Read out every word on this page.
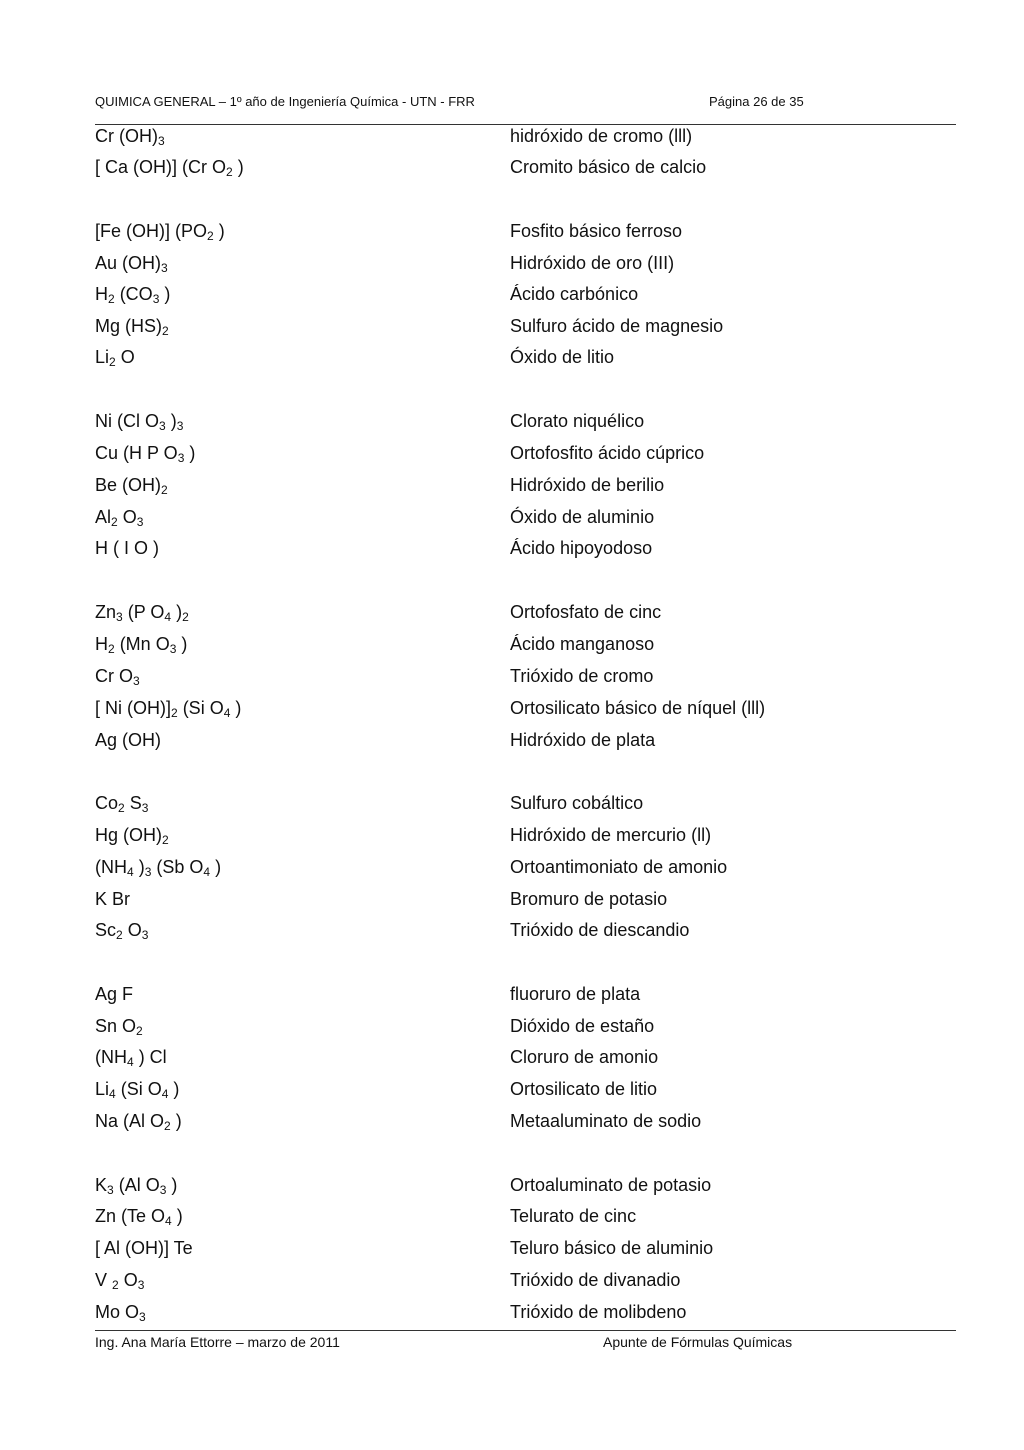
QUIMICA GENERAL – 1º año de Ingeniería Química - UTN - FRR	Página 26 de 35
Cr $(OH)_3$	hidróxido de cromo (lll)
[ Ca (OH)] (Cr $O_2$ )	Cromito básico de calcio
[Fe (OH)] ($PO_2$ )	Fosfito básico ferroso
Au $(OH)_3$	Hidróxido de oro (III)
$H_2$ ($CO_3$ )	Ácido carbónico
Mg $(HS)_2$	Sulfuro ácido de magnesio
$Li_2$ O	Óxido de litio
Ni (Cl $O_3$ )$_3$	Clorato niquélico
Cu (H P $O_3$ )	Ortofosfito ácido cúprico
Be $(OH)_2$	Hidróxido de berilio
$Al_2$ $O_3$	Óxido de aluminio
H ( I O )	Ácido hipoyodoso
$Zn_3$ (P $O_4$ )$_2$	Ortofosfato de cinc
$H_2$ (Mn $O_3$ )	Ácido manganoso
Cr $O_3$	Trióxido de cromo
[ Ni $(OH)]_2$ (Si $O_4$ )	Ortosilicato básico de níquel (lll)
Ag (OH)	Hidróxido de plata
$Co_2$ $S_3$	Sulfuro cobáltico
Hg $(OH)_2$	Hidróxido de mercurio (ll)
($NH_4$ )$_3$ (Sb $O_4$ )	Ortoantimoniato de amonio
K Br	Bromuro de potasio
$Sc_2$ $O_3$	Trióxido de diescandio
Ag F	fluoruro de plata
Sn $O_2$	Dióxido de estaño
($NH_4$ ) Cl	Cloruro de amonio
$Li_4$ (Si $O_4$ )	Ortosilicato de litio
Na (Al $O_2$ )	Metaaluminato de sodio
$K_3$ (Al $O_3$ )	Ortoaluminato de potasio
Zn (Te $O_4$ )	Telurato de cinc
[ Al (OH)] Te	Teluro básico de aluminio
V $_2$ $O_3$	Trióxido de divanadio
Mo $O_3$	Trióxido de molibdeno
Ing. Ana María Ettorre – marzo de 2011	Apunte de Fórmulas Químicas
